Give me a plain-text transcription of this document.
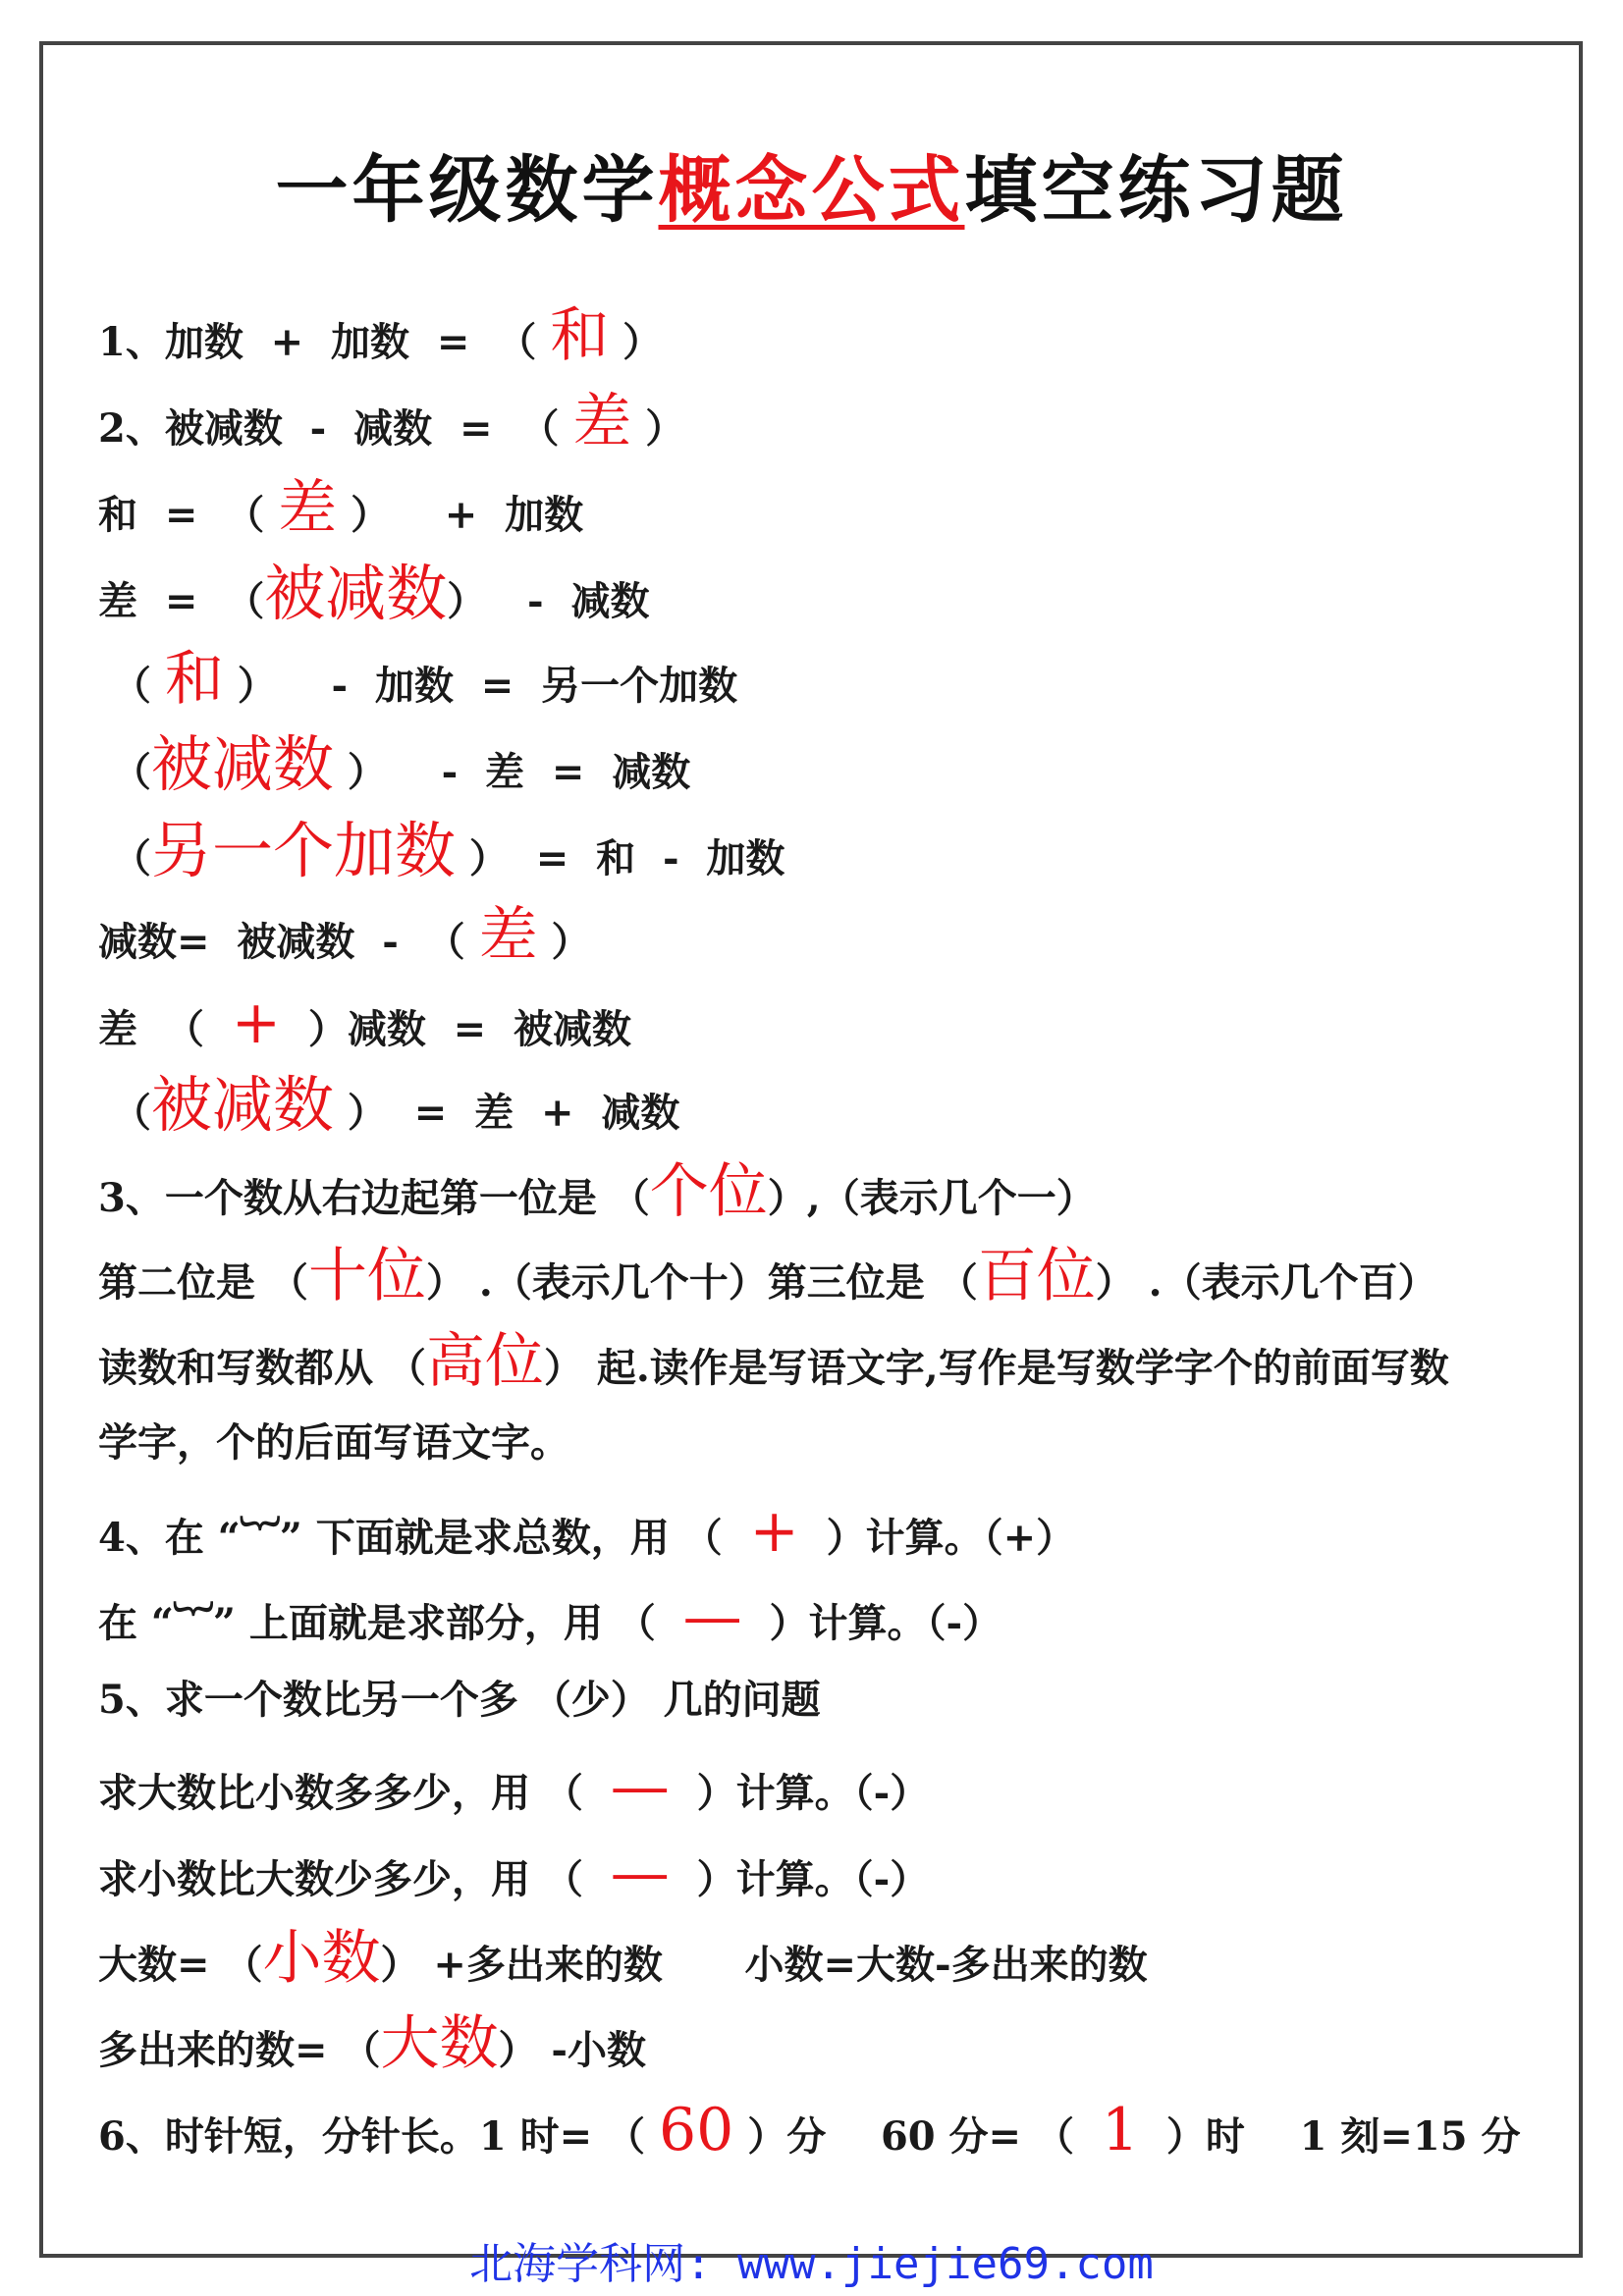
一年级数学概念公式填空练习题
1、加数  +  加数  =  （ 和 ）
2、被减数  -  减数  =  （ 差 ）
和  =  （ 差 ）    +  加数
差  =  （被减数）   -  减数
（ 和 ）    -  加数  =  另一个加数
（被减数 ）    -  差  =  减数
（另一个加数 ）  =  和  -  加数
减数=  被减数  -  （ 差 ）
差  （  +  ）减数  =  被减数
（被减数 ）  =  差  +  减数
3、一个数从右边起第一位是 （个位）,（表示几个一）
第二位是 （十位） .（表示几个十）第三位是 （百位） .（表示几个百）
读数和写数都从 （高位） 起.读作是写语文字,写作是写数学字个的前面写数
学字，个的后面写语文字。
4、在 “︸” 下面就是求总数，用 （  +  ）计算。（+）
在 “︸” 上面就是求部分，用 （  —  ）计算。（-）
5、求一个数比另一个多 （少） 几的问题
求大数比小数多多少，用 （  —  ）计算。（-）
求小数比大数少多少，用 （  —  ）计算。（-）
大数= （小数） +多出来的数      小数=大数-多出来的数
多出来的数= （大数） -小数
6、时针短，分针长。1 时= （ 60 ）分    60 分= （  1  ）时    1 刻=15 分
北海学科网: www.jiejie69.com
